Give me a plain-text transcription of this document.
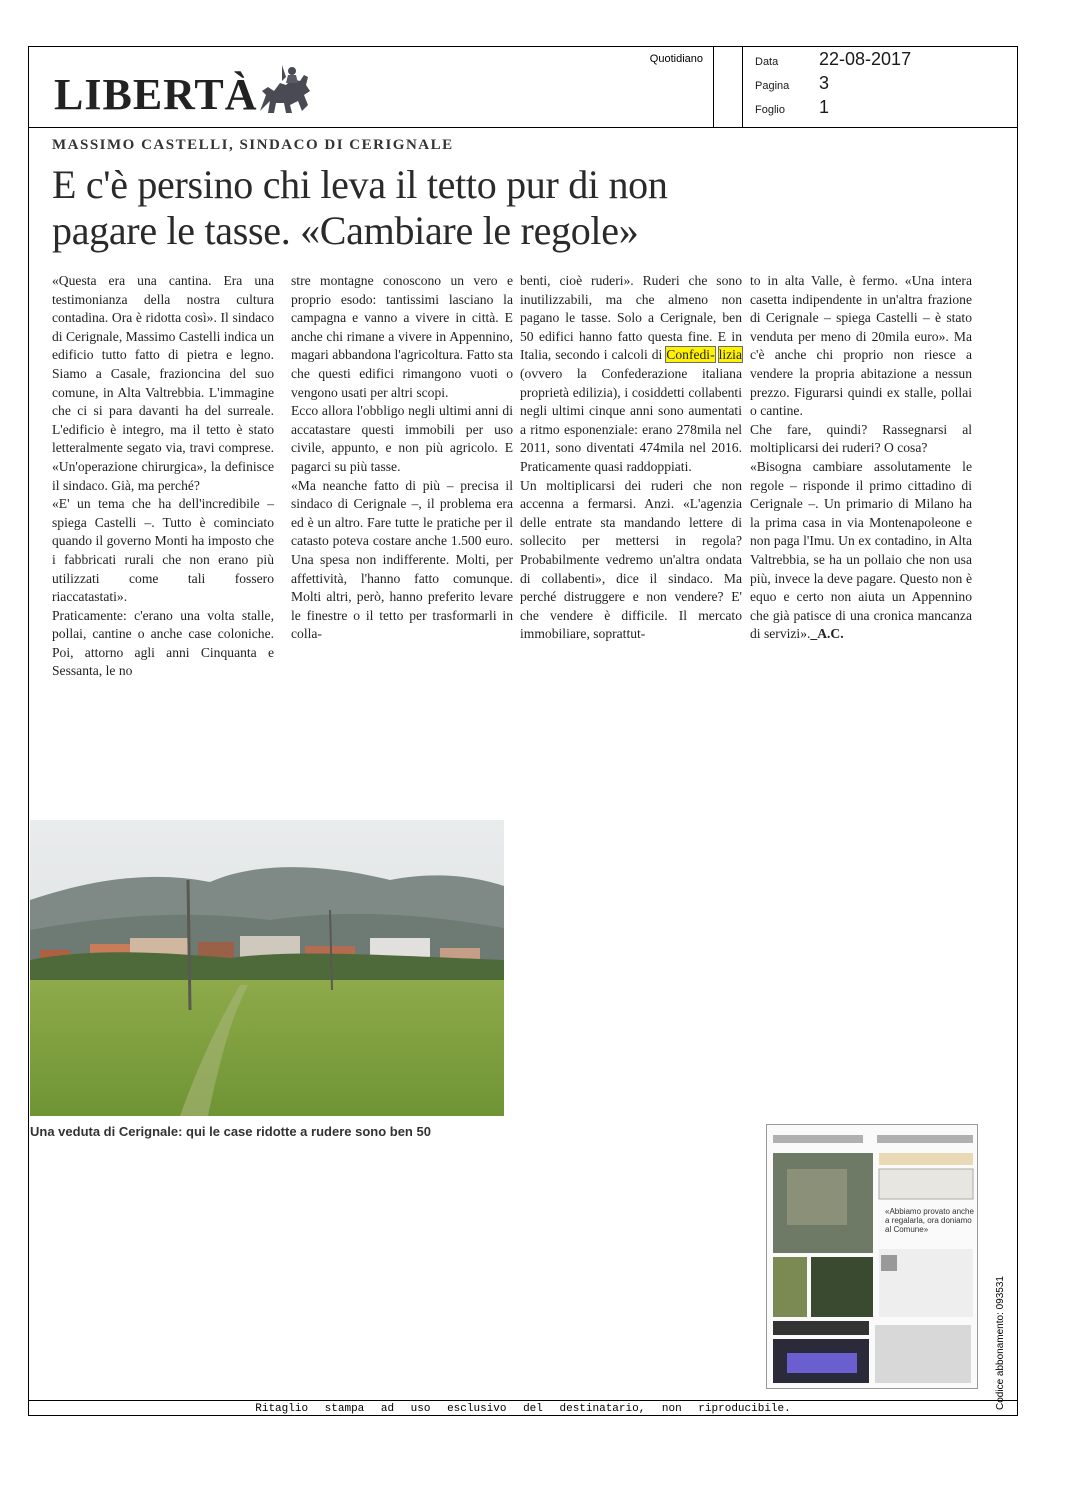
LIBERTÀ
Quotidiano	Data	22-08-2017
Pagina	3
Foglio	1
MASSIMO CASTELLI, SINDACO DI CERIGNALE
E c'è persino chi leva il tetto pur di non pagare le tasse. «Cambiare le regole»

«Questa era una cantina. Era una testimonianza della nostra cultura contadina. Ora è ridotta così». Il sindaco di Cerignale, Massimo Castelli indica un edificio tutto fatto di pietra e legno. Siamo a Casale, frazioncina del suo comune, in Alta Valtrebbia. L'immagine che ci si para davanti ha del surreale. L'edificio è integro, ma il tetto è stato letteralmente segato via, travi comprese. «Un'operazione chirurgica», la definisce il sindaco. Già, ma perché?

«E' un tema che ha dell'incredibile – spiega Castelli –. Tutto è cominciato quando il governo Monti ha imposto che i fabbricati rurali che non erano più utilizzati come tali fossero riaccatastati».

Praticamente: c'erano una volta stalle, pollai, cantine o anche case coloniche. Poi, attorno agli anni Cinquanta e Sessanta, le no

stre montagne conoscono un vero e proprio esodo: tantissimi lasciano la campagna e vanno a vivere in città. E anche chi rimane a vivere in Appennino, magari abbandona l'agricoltura. Fatto sta che questi edifici rimangono vuoti o vengono usati per altri scopi.

Ecco allora l'obbligo negli ultimi anni di accatastare questi immobili per uso civile, appunto, e non più agricolo. E pagarci su più tasse.

«Ma neanche fatto di più – precisa il sindaco di Cerignale –, il problema era ed è un altro. Fare tutte le pratiche per il catasto poteva costare anche 1.500 euro. Una spesa non indifferente. Molti, per affettività, l'hanno fatto comunque. Molti altri, però, hanno preferito levare le finestre o il tetto per trasformarli in colla-

benti, cioè ruderi». Ruderi che sono inutilizzabili, ma che almeno non pagano le tasse. Solo a Cerignale, ben 50 edifici hanno fatto questa fine. E in Italia, secondo i calcoli di Confedi- lizia (ovvero la Confederazione italiana proprietà edilizia), i cosiddetti collabenti negli ultimi cinque anni sono aumentati a ritmo esponenziale: erano 278mila nel 2011, sono diventati 474mila nel 2016. Praticamente quasi raddoppiati.

Un moltiplicarsi dei ruderi che non accenna a fermarsi. Anzi. «L'agenzia delle entrate sta mandando lettere di sollecito per mettersi in regola? Probabilmente vedremo un'altra ondata di collabenti», dice il sindaco. Ma perché distruggere e non vendere? E' che vendere è difficile. Il mercato immobiliare, soprattut-

to in alta Valle, è fermo. «Una intera casetta indipendente in un'altra frazione di Cerignale – spiega Castelli – è stato venduta per meno di 20mila euro». Ma c'è anche chi proprio non riesce a vendere la propria abitazione a nessun prezzo. Figurarsi quindi ex stalle, pollai o cantine.

Che fare, quindi? Rassegnarsi al moltiplicarsi dei ruderi? O cosa?

«Bisogna cambiare assolutamente le regole – risponde il primo cittadino di Cerignale –. Un primario di Milano ha la prima casa in via Montenapoleone e non paga l'Imu. Un ex contadino, in Alta Valtrebbia, se ha un pollaio che non usa più, invece la deve pagare. Questo non è equo e certo non aiuta un Appennino che già patisce di una cronica mancanza di servizi»._A.C.

Una veduta di Cerignale: qui le case ridotte a rudere sono ben 50
«Abbiamo provato anche a regalarla, ora doniamo al Comune»
Codice abbonamento: 093531
Ritaglio stampa ad uso esclusivo del destinatario, non riproducibile.
